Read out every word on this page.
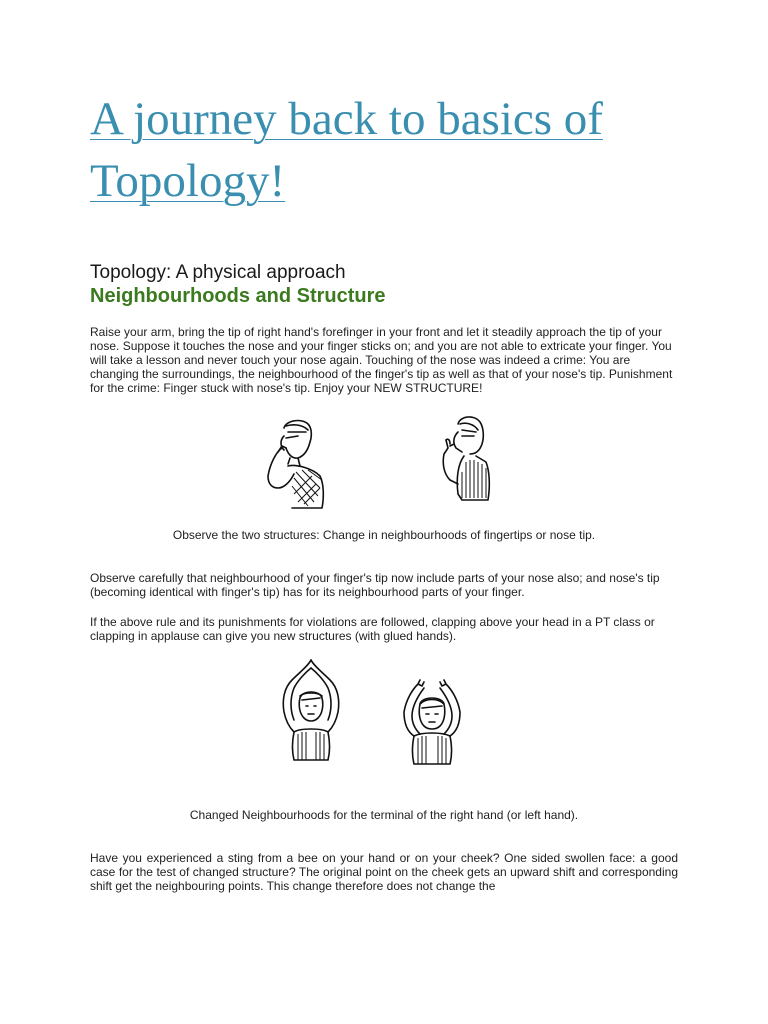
A journey back to basics of Topology!
Topology: A physical approach
Neighbourhoods and Structure
Raise your arm, bring the tip of right hand's forefinger in your front and let it steadily approach the tip of your nose. Suppose it touches the nose and your finger sticks on; and you are not able to extricate your finger. You will take a lesson and never touch your nose again. Touching of the nose was indeed a crime: You are changing the surroundings, the neighbourhood of the finger's tip as well as that of your nose's tip. Punishment for the crime: Finger stuck with nose's tip. Enjoy your NEW STRUCTURE!
Observe the two structures: Change in neighbourhoods of fingertips or nose tip.
Observe carefully that neighbourhood of your finger's tip now include parts of your nose also; and nose's tip (becoming identical with finger's tip) has for its neighbourhood parts of your finger.
If the above rule and its punishments for violations are followed, clapping above your head in a PT class or clapping in applause can give you new structures (with glued hands).
Changed Neighbourhoods for the terminal of the right hand (or left hand).
Have you experienced a sting from a bee on your hand or on your cheek? One sided swollen face: a good case for the test of changed structure? The original point on the cheek gets an upward shift and corresponding shift get the neighbouring points. This change therefore does not change the
